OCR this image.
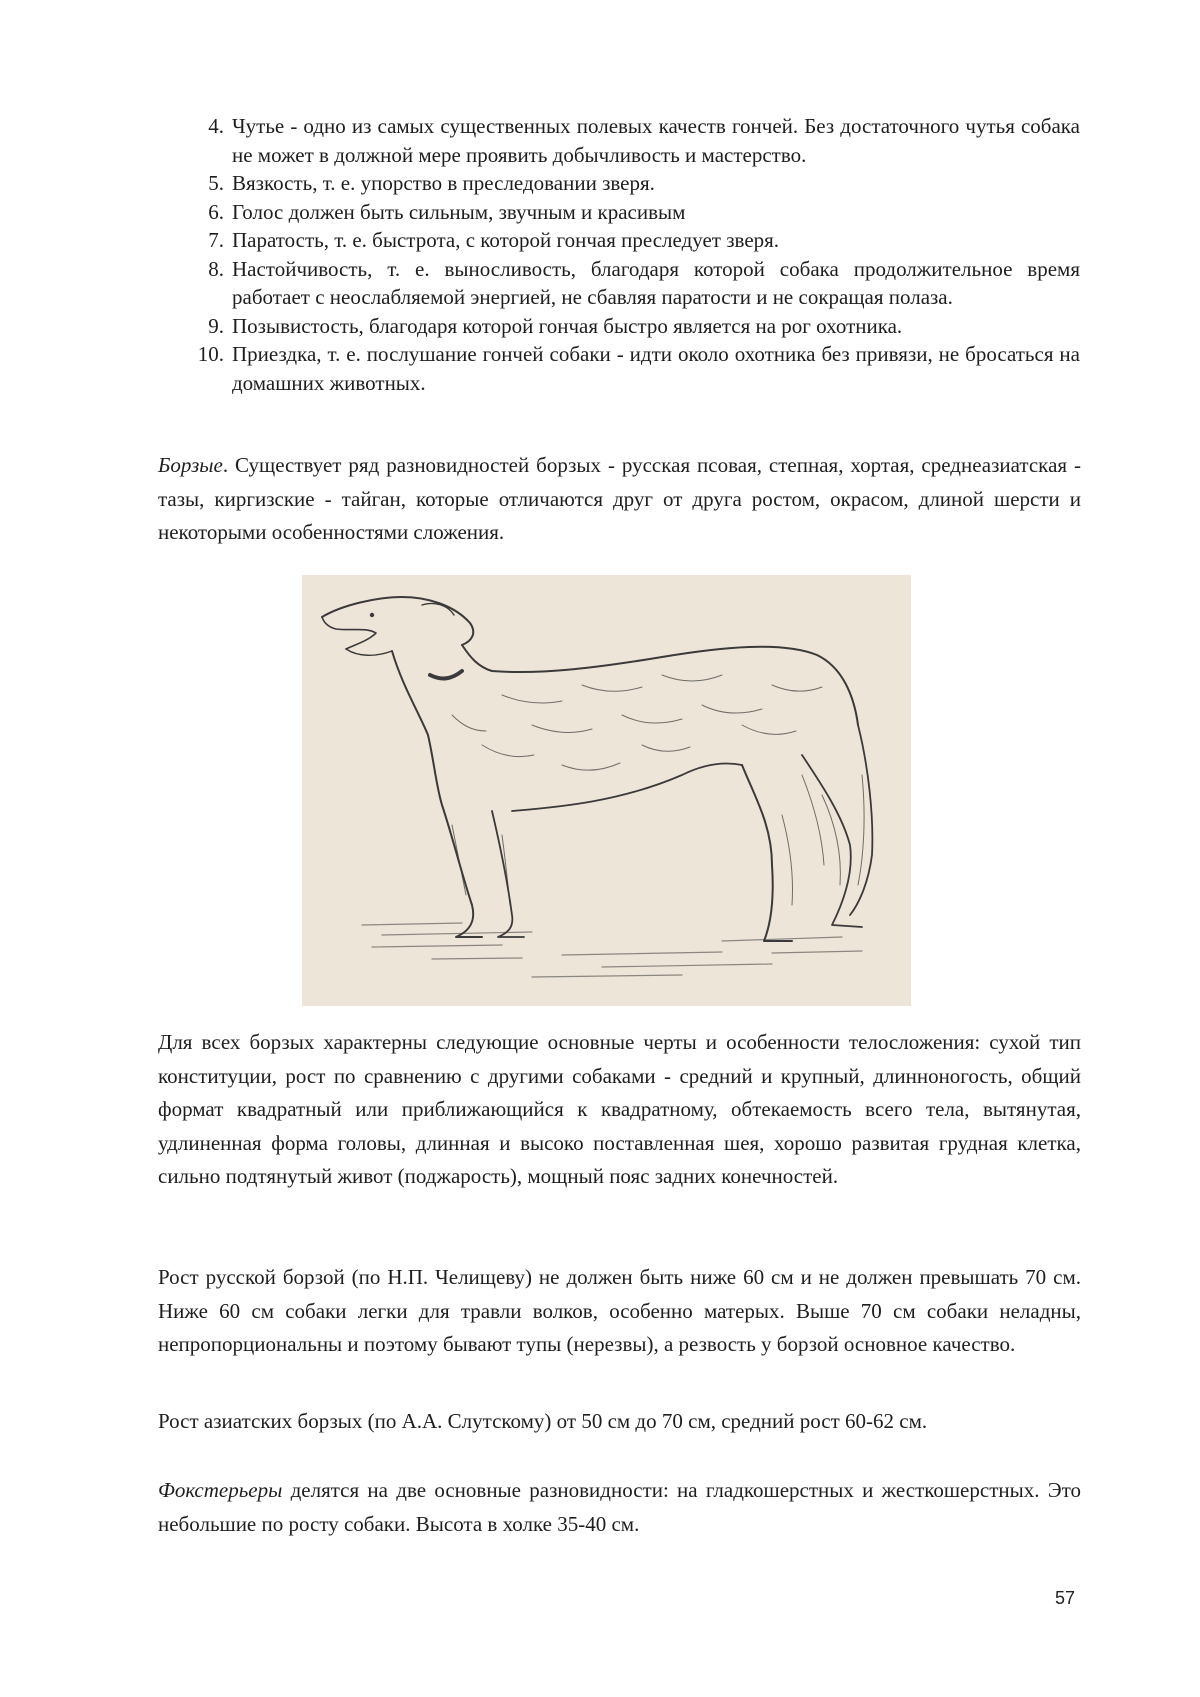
4. Чутье - одно из самых существенных полевых качеств гончей. Без достаточного чутья собака не может в должной мере проявить добычливость и мастерство.
5. Вязкость, т. е. упорство в преследовании зверя.
6. Голос должен быть сильным, звучным и красивым
7. Паратость, т. е. быстрота, с которой гончая преследует зверя.
8. Настойчивость, т. е. выносливость, благодаря которой собака продолжительное время работает с неослабляемой энергией, не сбавляя паратости и не сокращая полаза.
9. Позывистость, благодаря которой гончая быстро является на рог охотника.
10. Приездка, т. е. послушание гончей собаки - идти около охотника без привязи, не бросаться на домашних животных.

Борзые. Существует ряд разновидностей борзых - русская псовая, степная, хортая, среднеазиатская - тазы, киргизские - тайган, которые отличаются друг от друга ростом, окрасом, длиной шерсти и некоторыми особенностями сложения.

Для всех борзых характерны следующие основные черты и особенности телосложения: сухой тип конституции, рост по сравнению с другими собаками - средний и крупный, длинноногость, общий формат квадратный или приближающийся к квадратному, обтекаемость всего тела, вытянутая, удлиненная форма головы, длинная и высоко поставленная шея, хорошо развитая грудная клетка, сильно подтянутый живот (поджарость), мощный пояс задних конечностей.

Рост русской борзой (по Н.П. Челищеву) не должен быть ниже 60 см и не должен превышать 70 см. Ниже 60 см собаки легки для травли волков, особенно матерых. Выше 70 см собаки неладны, непропорциональны и поэтому бывают тупы (нерезвы), а резвость у борзой основное качество.

Рост азиатских борзых (по А.А. Слутскому) от 50 см до 70 см, средний рост 60-62 см.

Фокстерьеры делятся на две основные разновидности: на гладкошерстных и жесткошерстных. Это небольшие по росту собаки. Высота в холке 35-40 см.

57
